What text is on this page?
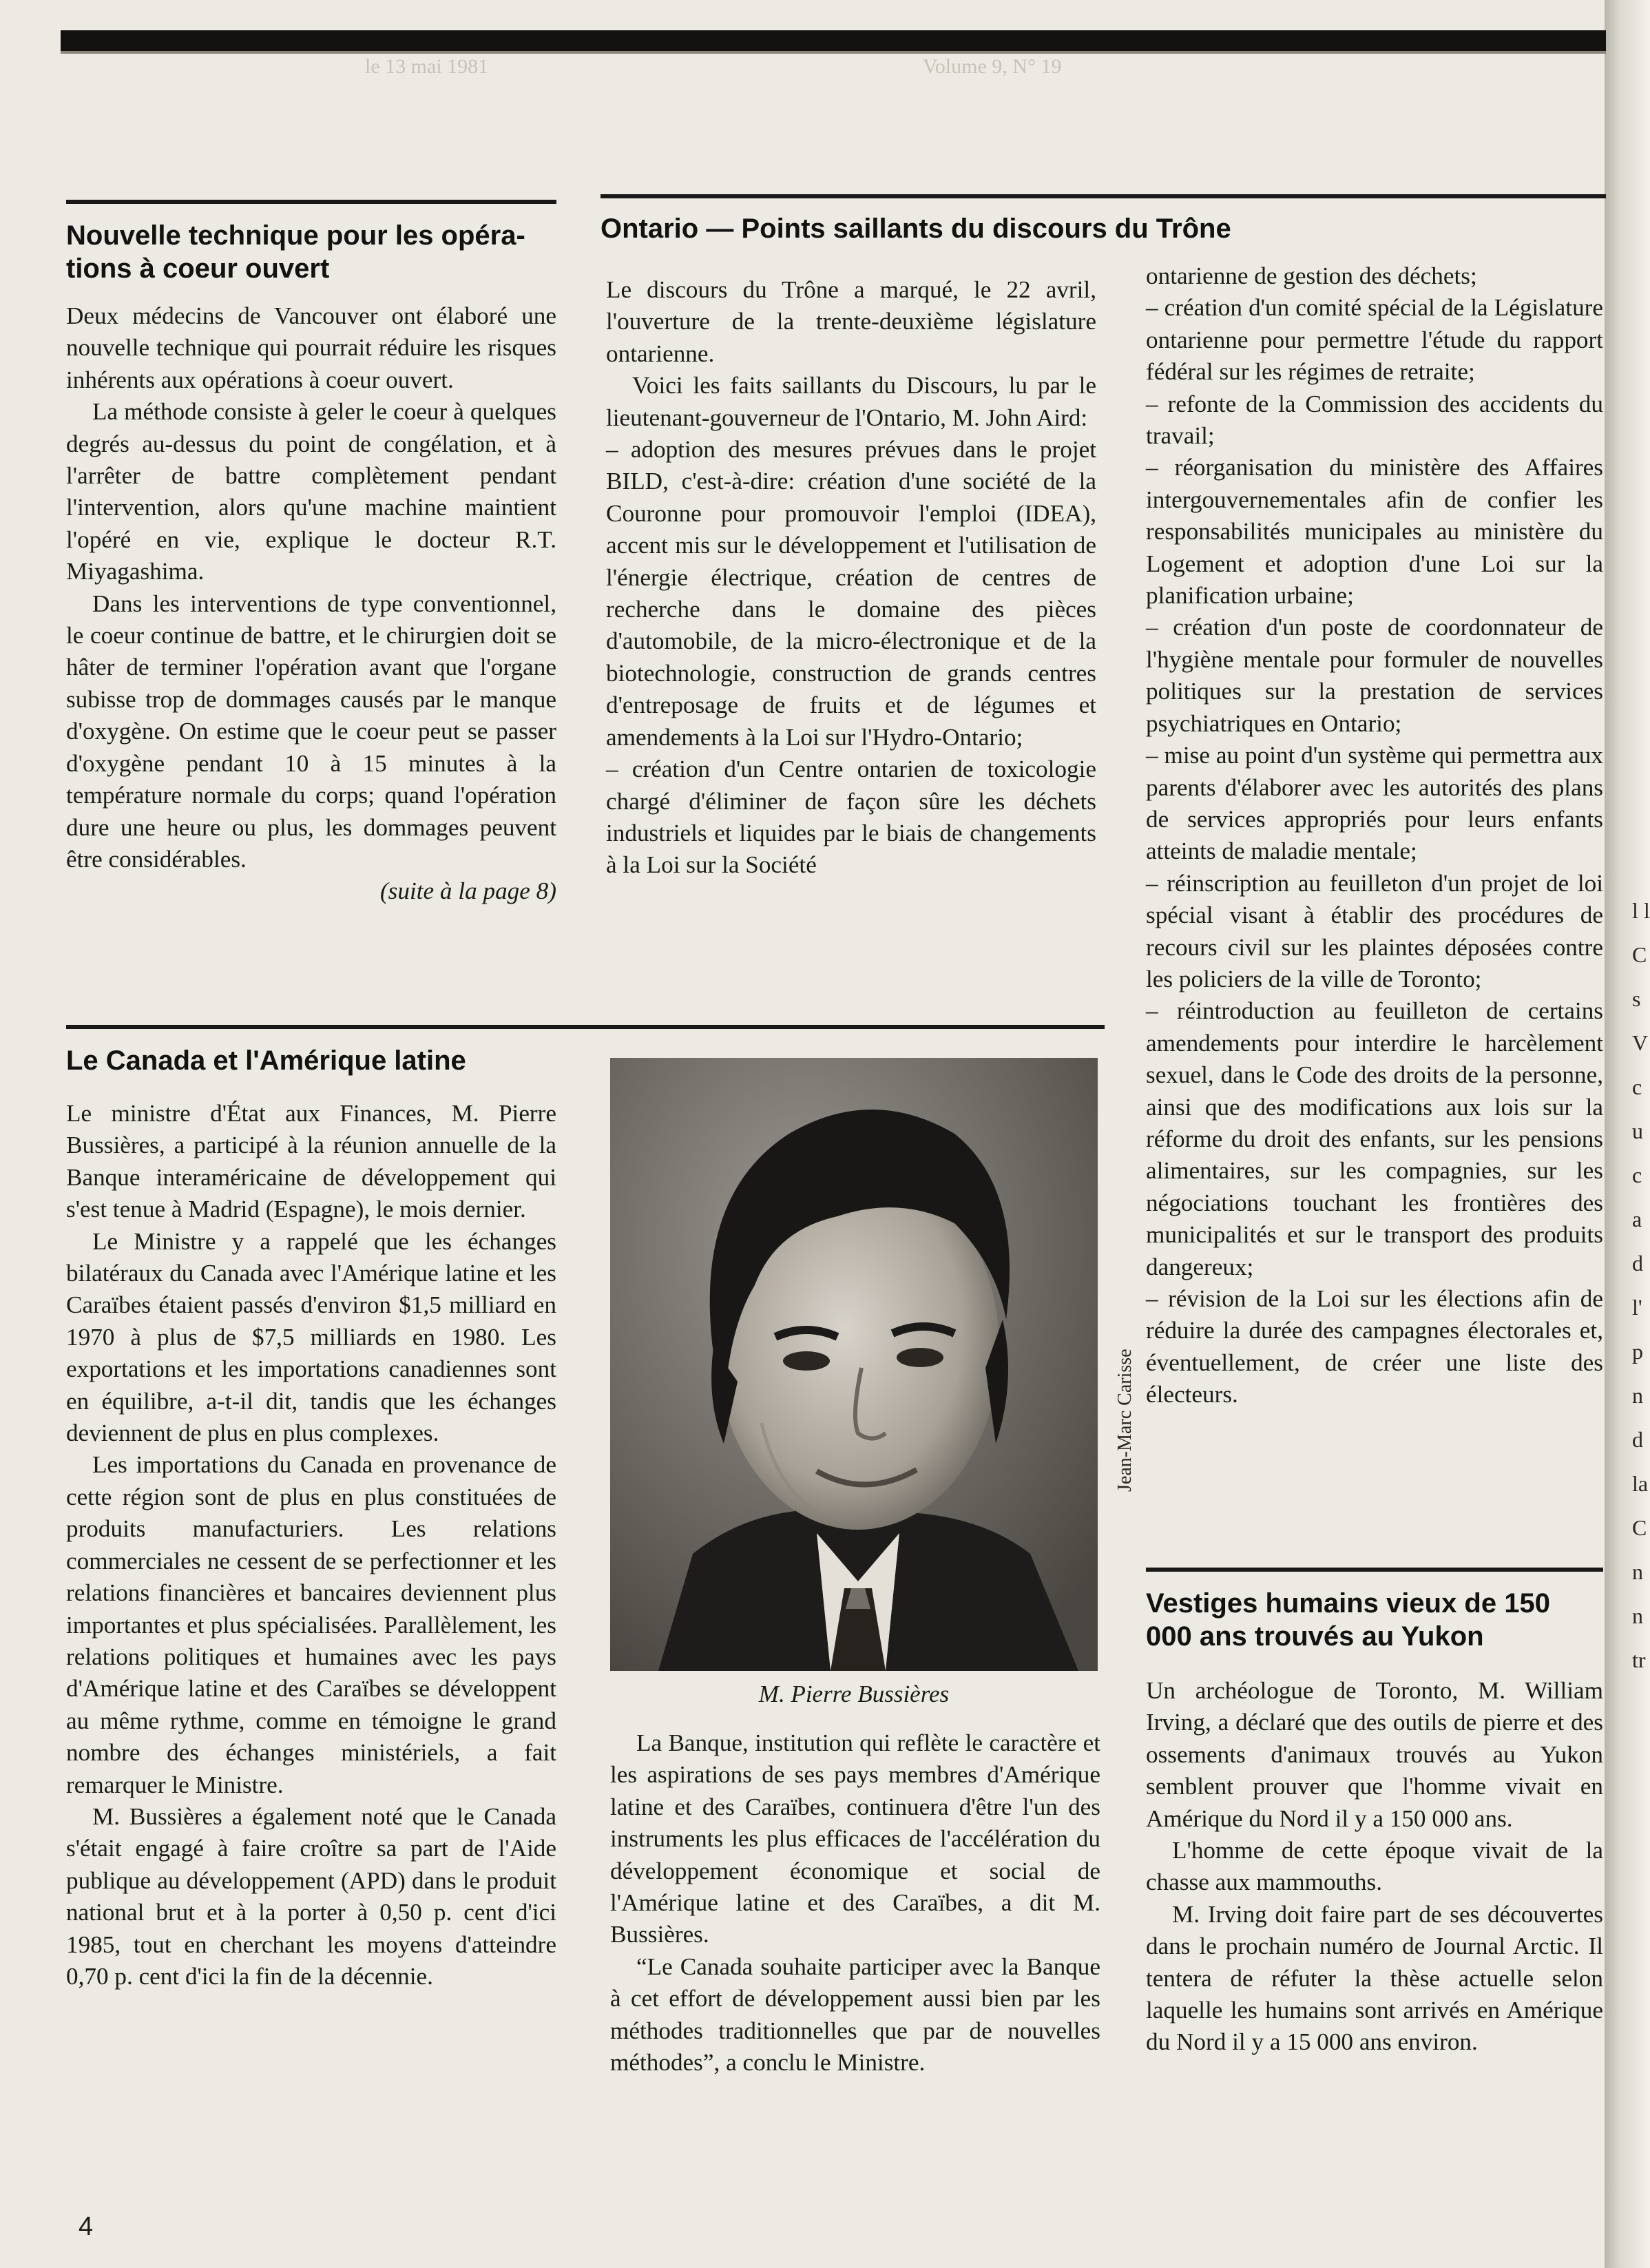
l l C s V c u c a d l' p n d la C n n tr
le 13 mai 1981	Volume 9, N° 19
Nouvelle technique pour les opéra-tions à coeur ouvert

Deux médecins de Vancouver ont élaboré une nouvelle technique qui pourrait réduire les risques inhérents aux opérations à coeur ouvert.

La méthode consiste à geler le coeur à quelques degrés au-dessus du point de congélation, et à l'arrêter de battre complètement pendant l'intervention, alors qu'une machine maintient l'opéré en vie, explique le docteur R.T. Miyagashima.

Dans les interventions de type conventionnel, le coeur continue de battre, et le chirurgien doit se hâter de terminer l'opération avant que l'organe subisse trop de dommages causés par le manque d'oxygène. On estime que le coeur peut se passer d'oxygène pendant 10 à 15 minutes à la température normale du corps; quand l'opération dure une heure ou plus, les dommages peuvent être considérables.

(suite à la page 8)

Ontario — Points saillants du discours du Trône

Le discours du Trône a marqué, le 22 avril, l'ouverture de la trente-deuxième législature ontarienne.

Voici les faits saillants du Discours, lu par le lieutenant-gouverneur de l'Ontario, M. John Aird:

– adoption des mesures prévues dans le projet BILD, c'est-à-dire: création d'une société de la Couronne pour promouvoir l'emploi (IDEA), accent mis sur le développement et l'utilisation de l'énergie électrique, création de centres de recherche dans le domaine des pièces d'automobile, de la micro-électronique et de la biotechnologie, construction de grands centres d'entreposage de fruits et de légumes et amendements à la Loi sur l'Hydro-Ontario;

– création d'un Centre ontarien de toxicologie chargé d'éliminer de façon sûre les déchets industriels et liquides par le biais de changements à la Loi sur la Société

ontarienne de gestion des déchets;

– création d'un comité spécial de la Législature ontarienne pour permettre l'étude du rapport fédéral sur les régimes de retraite;

– refonte de la Commission des accidents du travail;

– réorganisation du ministère des Affaires intergouvernementales afin de confier les responsabilités municipales au ministère du Logement et adoption d'une Loi sur la planification urbaine;

– création d'un poste de coordonnateur de l'hygiène mentale pour formuler de nouvelles politiques sur la prestation de services psychiatriques en Ontario;

– mise au point d'un système qui permettra aux parents d'élaborer avec les autorités des plans de services appropriés pour leurs enfants atteints de maladie mentale;

– réinscription au feuilleton d'un projet de loi spécial visant à établir des procédures de recours civil sur les plaintes déposées contre les policiers de la ville de Toronto;

– réintroduction au feuilleton de certains amendements pour interdire le harcèlement sexuel, dans le Code des droits de la personne, ainsi que des modifications aux lois sur la réforme du droit des enfants, sur les pensions alimentaires, sur les compagnies, sur les négociations touchant les frontières des municipalités et sur le transport des produits dangereux;

– révision de la Loi sur les élections afin de réduire la durée des campagnes électorales et, éventuellement, de créer une liste des électeurs.

Le Canada et l'Amérique latine

Le ministre d'État aux Finances, M. Pierre Bussières, a participé à la réunion annuelle de la Banque interaméricaine de développement qui s'est tenue à Madrid (Espagne), le mois dernier.

Le Ministre y a rappelé que les échanges bilatéraux du Canada avec l'Amérique latine et les Caraïbes étaient passés d'environ $1,5 milliard en 1970 à plus de $7,5 milliards en 1980. Les exportations et les importations canadiennes sont en équilibre, a-t-il dit, tandis que les échanges deviennent de plus en plus complexes.

Les importations du Canada en provenance de cette région sont de plus en plus constituées de produits manufacturiers. Les relations commerciales ne cessent de se perfectionner et les relations financières et bancaires deviennent plus importantes et plus spécialisées. Parallèlement, les relations politiques et humaines avec les pays d'Amérique latine et des Caraïbes se développent au même rythme, comme en témoigne le grand nombre des échanges ministériels, a fait remarquer le Ministre.

M. Bussières a également noté que le Canada s'était engagé à faire croître sa part de l'Aide publique au développement (APD) dans le produit national brut et à la porter à 0,50 p. cent d'ici 1985, tout en cherchant les moyens d'atteindre 0,70 p. cent d'ici la fin de la décennie.

Jean-Marc Carisse
M. Pierre Bussières

La Banque, institution qui reflète le caractère et les aspirations de ses pays membres d'Amérique latine et des Caraïbes, continuera d'être l'un des instruments les plus efficaces de l'accélération du développement économique et social de l'Amérique latine et des Caraïbes, a dit M. Bussières.

“Le Canada souhaite participer avec la Banque à cet effort de développement aussi bien par les méthodes traditionnelles que par de nouvelles méthodes”, a conclu le Ministre.

Vestiges humains vieux de 150 000 ans trouvés au Yukon

Un archéologue de Toronto, M. William Irving, a déclaré que des outils de pierre et des ossements d'animaux trouvés au Yukon semblent prouver que l'homme vivait en Amérique du Nord il y a 150 000 ans.

L'homme de cette époque vivait de la chasse aux mammouths.

M. Irving doit faire part de ses découvertes dans le prochain numéro de Journal Arctic. Il tentera de réfuter la thèse actuelle selon laquelle les humains sont arrivés en Amérique du Nord il y a 15 000 ans environ.

4
